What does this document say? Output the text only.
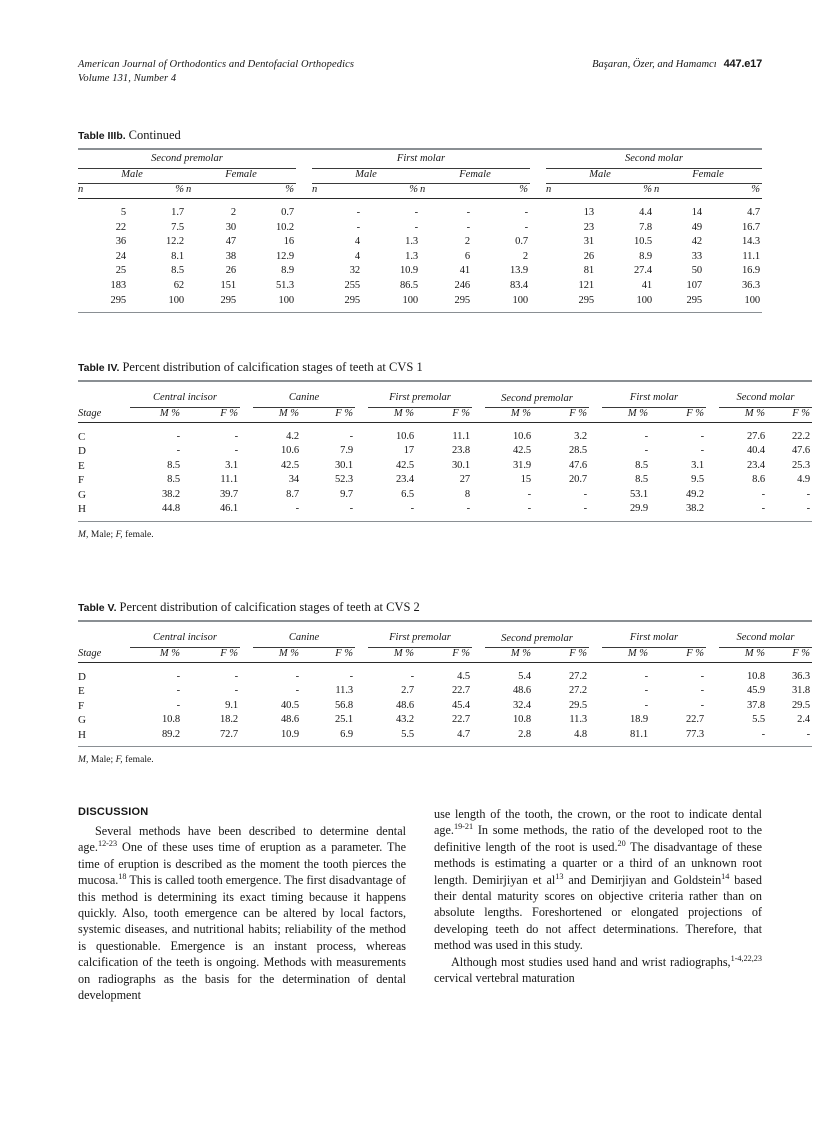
American Journal of Orthodontics and Dentofacial Orthopedics
Volume 131, Number 4
Başaran, Özer, and Hamamcı 447.e17
Table IIIb. Continued

Second premolar					First molar					Second molar			
Male		Female			Male		Female			Male		Female	
n	%	n	%		n	%	n	%		n	%	n	%

5	1.7	2	0.7		-	-	-	-		13	4.4	14	4.7
22	7.5	30	10.2		-	-	-	-		23	7.8	49	16.7
36	12.2	47	16		4	1.3	2	0.7		31	10.5	42	14.3
24	8.1	38	12.9		4	1.3	6	2		26	8.9	33	11.1
25	8.5	26	8.9		32	10.9	41	13.9		81	27.4	50	16.9
183	62	151	51.3		255	86.5	246	83.4		121	41	107	36.3
295	100	295	100		295	100	295	100		295	100	295	100

Table IV. Percent distribution of calcification stages of teeth at CVS 1

	Central incisor			Canine			First premolar			Second premolar			First molar			Second molar	
Stage	M %	F %		M %	F %		M %	F %		M %	F %		M %	F %		M %	F %

C	-	-		4.2	-		10.6	11.1		10.6	3.2		-	-		27.6	22.2
D	-	-		10.6	7.9		17	23.8		42.5	28.5		-	-		40.4	47.6
E	8.5	3.1		42.5	30.1		42.5	30.1		31.9	47.6		8.5	3.1		23.4	25.3
F	8.5	11.1		34	52.3		23.4	27		15	20.7		8.5	9.5		8.6	4.9
G	38.2	39.7		8.7	9.7		6.5	8		-	-		53.1	49.2		-	-
H	44.8	46.1		-	-		-	-		-	-		29.9	38.2		-	-

M, Male; F, female.
Table V. Percent distribution of calcification stages of teeth at CVS 2

	Central incisor			Canine			First premolar			Second premolar			First molar			Second molar	
Stage	M %	F %		M %	F %		M %	F %		M %	F %		M %	F %		M %	F %

D	-	-		-	-		-	4.5		5.4	27.2		-	-		10.8	36.3
E	-	-		-	11.3		2.7	22.7		48.6	27.2		-	-		45.9	31.8
F	-	9.1		40.5	56.8		48.6	45.4		32.4	29.5		-	-		37.8	29.5
G	10.8	18.2		48.6	25.1		43.2	22.7		10.8	11.3		18.9	22.7		5.5	2.4
H	89.2	72.7		10.9	6.9		5.5	4.7		2.8	4.8		81.1	77.3		-	-

M, Male; F, female.
DISCUSSION

Several methods have been described to determine dental age.$^{12-23}$ One of these uses time of eruption as a parameter. The time of eruption is described as the moment the tooth pierces the mucosa.$^{18}$ This is called tooth emergence. The first disadvantage of this method is determining its exact timing because it happens quickly. Also, tooth emergence can be altered by local factors, systemic diseases, and nutritional habits; reliability of the method is questionable. Emergence is an instant process, whereas calcification of the teeth is ongoing. Methods with measurements on radiographs as the basis for the determination of dental development

use length of the tooth, the crown, or the root to indicate dental age.$^{19-21}$ In some methods, the ratio of the developed root to the definitive length of the root is used.$^{20}$ The disadvantage of these methods is estimating a quarter or a third of an unknown root length. Demirjiyan et $al^{13}$ and Demirjiyan and Goldstein$^{14}$ based their dental maturity scores on objective criteria rather than on absolute lengths. Foreshortened or elongated projections of developing teeth do not affect determinations. Therefore, that method was used in this study.

Although most studies used hand and wrist radiographs,$^{1-4,22,23}$ cervical vertebral maturation
